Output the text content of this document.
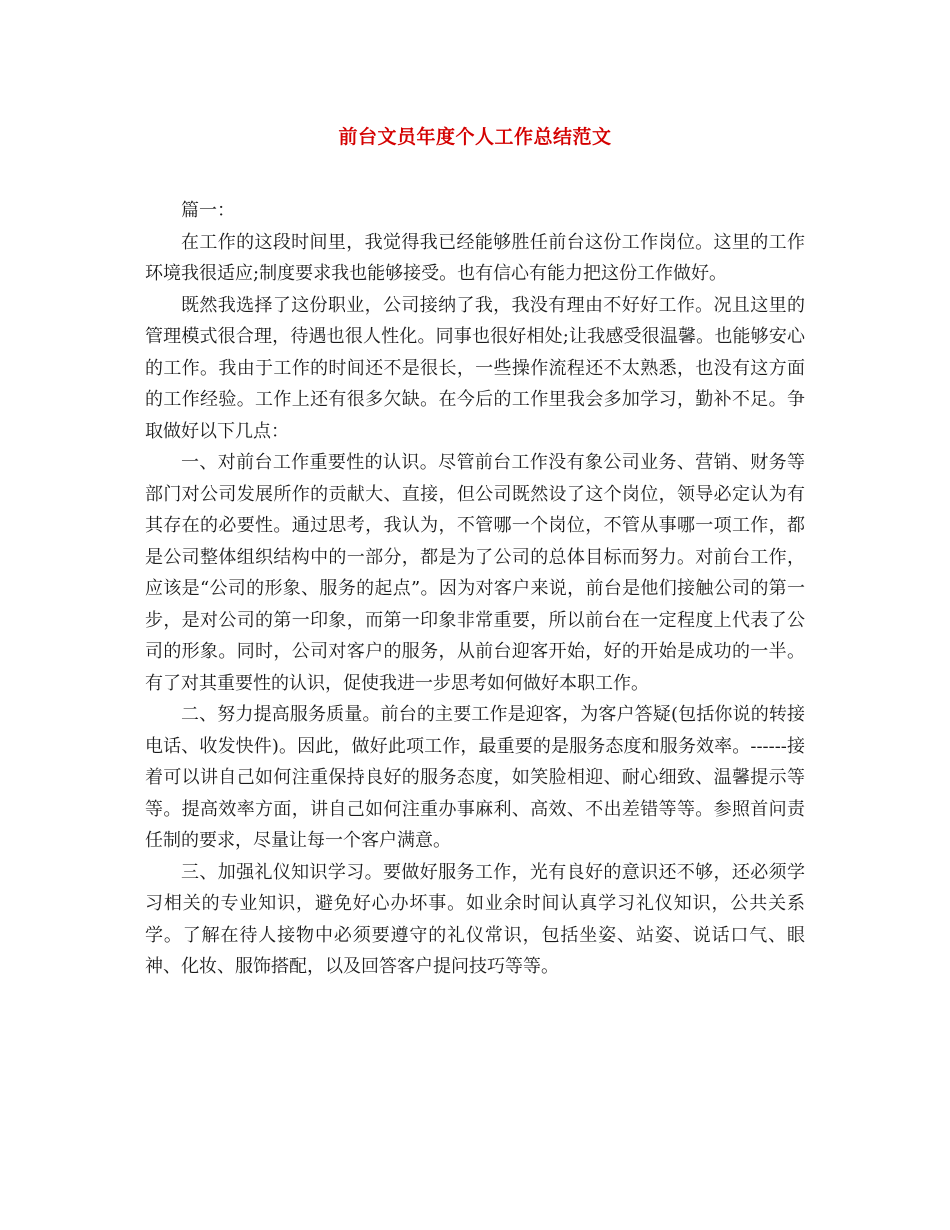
前台文员年度个人工作总结范文

篇一：

在工作的这段时间里，我觉得我已经能够胜任前台这份工作岗位。这里的工作环境我很适应;制度要求我也能够接受。也有信心有能力把这份工作做好。

既然我选择了这份职业，公司接纳了我，我没有理由不好好工作。况且这里的管理模式很合理，待遇也很人性化。同事也很好相处;让我感受很温馨。也能够安心的工作。我由于工作的时间还不是很长，一些操作流程还不太熟悉，也没有这方面的工作经验。工作上还有很多欠缺。在今后的工作里我会多加学习，勤补不足。争取做好以下几点：

一、对前台工作重要性的认识。尽管前台工作没有象公司业务、营销、财务等部门对公司发展所作的贡献大、直接，但公司既然设了这个岗位，领导必定认为有其存在的必要性。通过思考，我认为，不管哪一个岗位，不管从事哪一项工作，都是公司整体组织结构中的一部分，都是为了公司的总体目标而努力。对前台工作，应该是“公司的形象、服务的起点”。因为对客户来说，前台是他们接触公司的第一步，是对公司的第一印象，而第一印象非常重要，所以前台在一定程度上代表了公司的形象。同时，公司对客户的服务，从前台迎客开始，好的开始是成功的一半。有了对其重要性的认识，促使我进一步思考如何做好本职工作。

二、努力提高服务质量。前台的主要工作是迎客，为客户答疑(包括你说的转接电话、收发快件)。因此，做好此项工作，最重要的是服务态度和服务效率。------接着可以讲自己如何注重保持良好的服务态度，如笑脸相迎、耐心细致、温馨提示等等。提高效率方面，讲自己如何注重办事麻利、高效、不出差错等等。参照首问责任制的要求，尽量让每一个客户满意。

三、加强礼仪知识学习。要做好服务工作，光有良好的意识还不够，还必须学习相关的专业知识，避免好心办坏事。如业余时间认真学习礼仪知识，公共关系学。了解在待人接物中必须要遵守的礼仪常识，包括坐姿、站姿、说话口气、眼神、化妆、服饰搭配，以及回答客户提问技巧等等。
